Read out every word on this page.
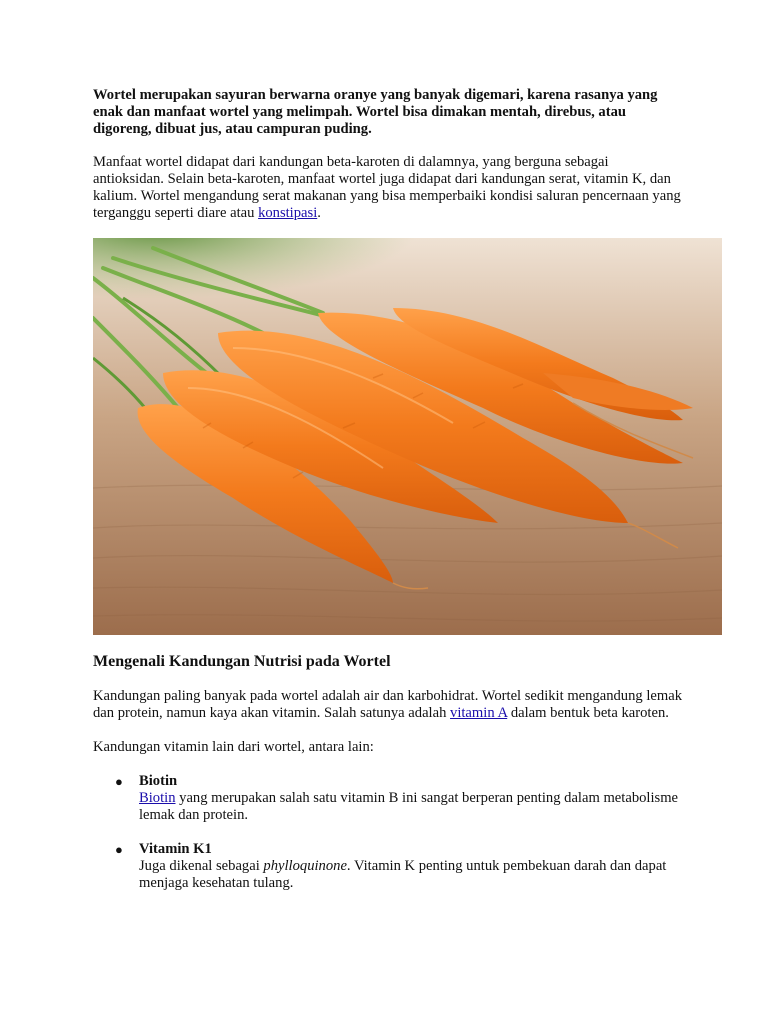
Wortel merupakan sayuran berwarna oranye yang banyak digemari, karena rasanya yang enak dan manfaat wortel yang melimpah. Wortel bisa dimakan mentah, direbus, atau digoreng, dibuat jus, atau campuran puding.

Manfaat wortel didapat dari kandungan beta-karoten di dalamnya, yang berguna sebagai antioksidan. Selain beta-karoten, manfaat wortel juga didapat dari kandungan serat, vitamin K, dan kalium. Wortel mengandung serat makanan yang bisa memperbaiki kondisi saluran pencernaan yang terganggu seperti diare atau konstipasi.

Mengenali Kandungan Nutrisi pada Wortel

Kandungan paling banyak pada wortel adalah air dan karbohidrat. Wortel sedikit mengandung lemak dan protein, namun kaya akan vitamin. Salah satunya adalah vitamin A dalam bentuk beta karoten.

Kandungan vitamin lain dari wortel, antara lain:

● Biotin
Biotin yang merupakan salah satu vitamin B ini sangat berperan penting dalam metabolisme lemak dan protein.
● Vitamin K1
Juga dikenal sebagai phylloquinone. Vitamin K penting untuk pembekuan darah dan dapat menjaga kesehatan tulang.
